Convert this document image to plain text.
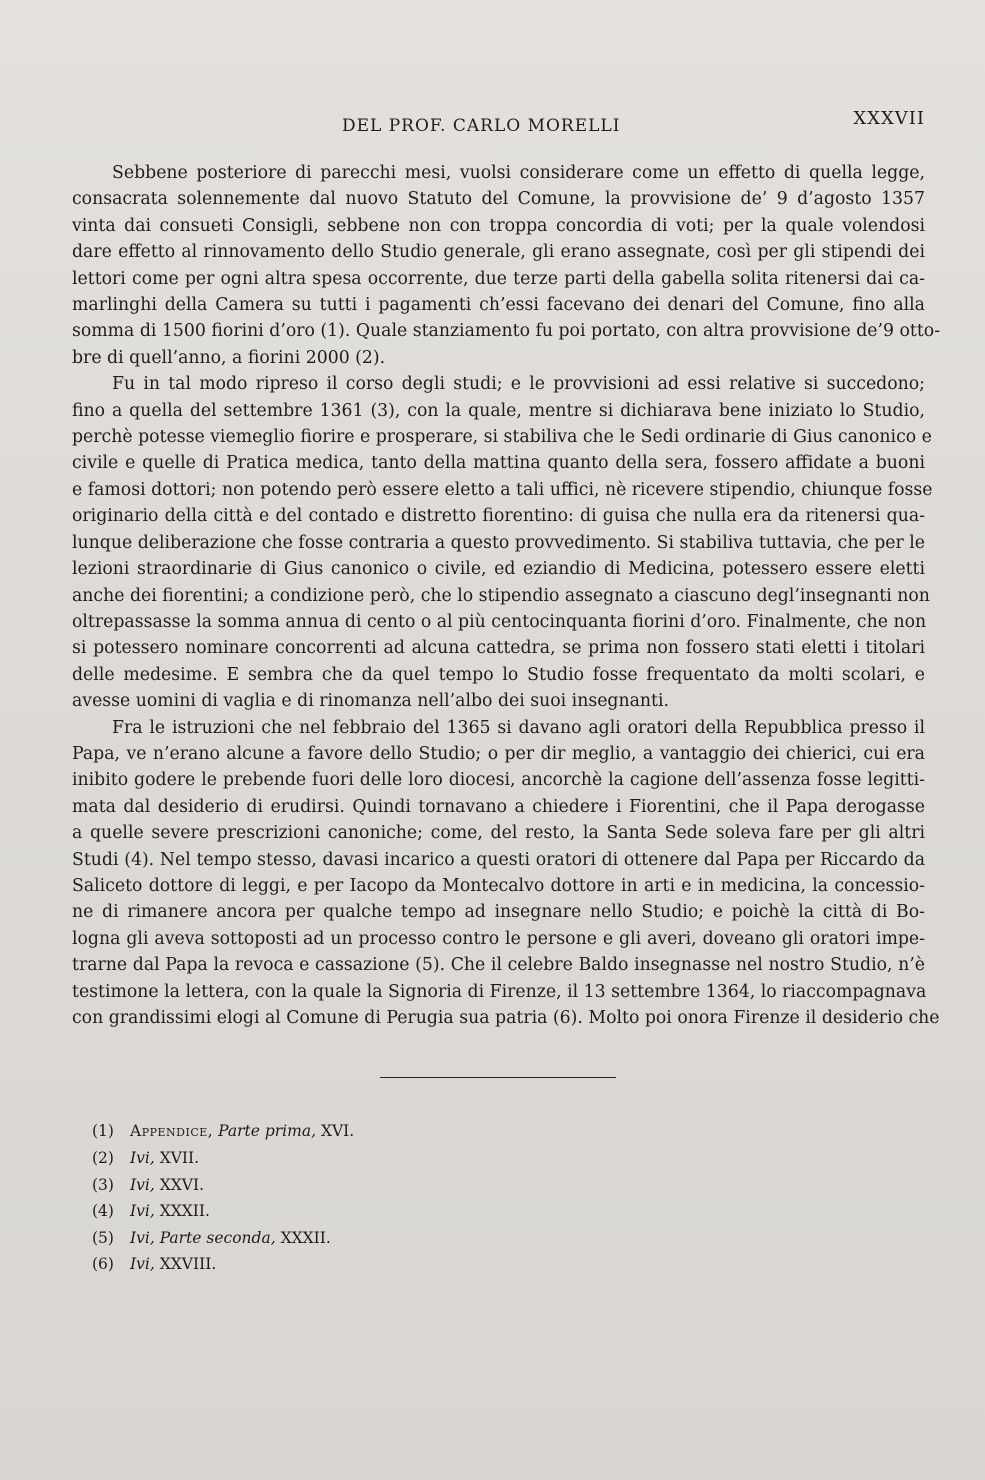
DEL PROF. CARLO MORELLI	XXXVII
Sebbene posteriore di parecchi mesi, vuolsi considerare come un effetto di quella legge,
consacrata solennemente dal nuovo Statuto del Comune, la provvisione de’ 9 d’agosto 1357
vinta dai consueti Consigli, sebbene non con troppa concordia di voti; per la quale volendosi
dare effetto al rinnovamento dello Studio generale, gli erano assegnate, così per gli stipendi dei
lettori come per ogni altra spesa occorrente, due terze parti della gabella solita ritenersi dai ca-
marlinghi della Camera su tutti i pagamenti ch’essi facevano dei denari del Comune, fino alla
somma di 1500 fiorini d’oro (1). Quale stanziamento fu poi portato, con altra provvisione de’9 otto-
bre di quell’anno, a fiorini 2000 (2).
Fu in tal modo ripreso il corso degli studi; e le provvisioni ad essi relative si succedono;
fino a quella del settembre 1361 (3), con la quale, mentre si dichiarava bene iniziato lo Studio,
perchè potesse viemeglio fiorire e prosperare, si stabiliva che le Sedi ordinarie di Gius canonico e
civile e quelle di Pratica medica, tanto della mattina quanto della sera, fossero affidate a buoni
e famosi dottori; non potendo però essere eletto a tali uffici, nè ricevere stipendio, chiunque fosse
originario della città e del contado e distretto fiorentino: di guisa che nulla era da ritenersi qua-
lunque deliberazione che fosse contraria a questo provvedimento. Si stabiliva tuttavia, che per le
lezioni straordinarie di Gius canonico o civile, ed eziandio di Medicina, potessero essere eletti
anche dei fiorentini; a condizione però, che lo stipendio assegnato a ciascuno degl’insegnanti non
oltrepassasse la somma annua di cento o al più centocinquanta fiorini d’oro. Finalmente, che non
si potessero nominare concorrenti ad alcuna cattedra, se prima non fossero stati eletti i titolari
delle medesime. E sembra che da quel tempo lo Studio fosse frequentato da molti scolari, e
avesse uomini di vaglia e di rinomanza nell’albo dei suoi insegnanti.
Fra le istruzioni che nel febbraio del 1365 si davano agli oratori della Repubblica presso il
Papa, ve n’erano alcune a favore dello Studio; o per dir meglio, a vantaggio dei chierici, cui era
inibito godere le prebende fuori delle loro diocesi, ancorchè la cagione dell’assenza fosse legitti-
mata dal desiderio di erudirsi. Quindi tornavano a chiedere i Fiorentini, che il Papa derogasse
a quelle severe prescrizioni canoniche; come, del resto, la Santa Sede soleva fare per gli altri
Studi (4). Nel tempo stesso, davasi incarico a questi oratori di ottenere dal Papa per Riccardo da
Saliceto dottore di leggi, e per Iacopo da Montecalvo dottore in arti e in medicina, la concessio-
ne di rimanere ancora per qualche tempo ad insegnare nello Studio; e poichè la città di Bo-
logna gli aveva sottoposti ad un processo contro le persone e gli averi, doveano gli oratori impe-
trarne dal Papa la revoca e cassazione (5). Che il celebre Baldo insegnasse nel nostro Studio, n’è
testimone la lettera, con la quale la Signoria di Firenze, il 13 settembre 1364, lo riaccompagnava
con grandissimi elogi al Comune di Perugia sua patria (6). Molto poi onora Firenze il desiderio che
(1)	Appendice, Parte prima, XVI.
(2)	Ivi, XVII.
(3)	Ivi, XXVI.
(4)	Ivi, XXXII.
(5)	Ivi, Parte seconda, XXXII.
(6)	Ivi, XXVIII.
